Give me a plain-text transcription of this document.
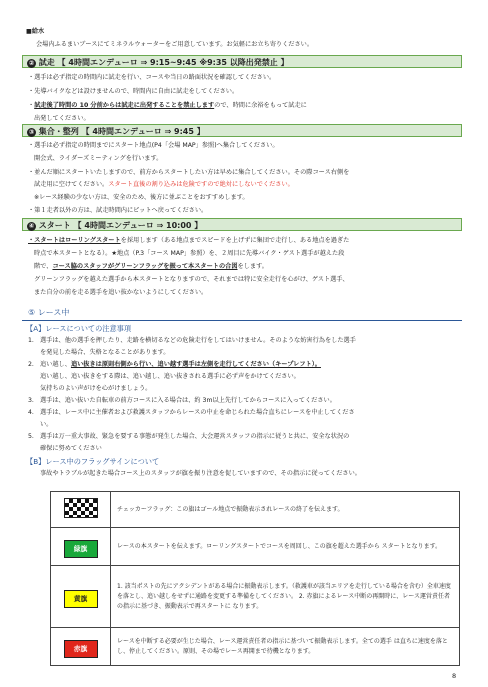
■給水
会場内ふるまいブースにてミネラルウォーターをご用意しています。お気軽にお立ち寄りください。
② 試走 【 4時間エンデューロ ⇒ 9:15~9:45 ※9:35 以降出発禁止 】
・選手は必ず指定の時間内に試走を行い、コースや当日の路面状況を確認してください。
・先導バイクなどは設けませんので、時間内に自由に試走をしてください。
・試走後了時間の 10 分前からは試走に出発することを禁止しますので、時間に余裕をもって試走に
出発してください。
③ 集合・整列 【 4時間エンデューロ ⇒ 9:45 】
・選手は必ず指定の時間までにスタート地点(P4「会場 MAP」参照)へ集合してください。
開会式、ライダーズミーティングを行います。
・並んだ順にスタートいたしますので、前方からスタートしたい方は早めに集合してください。その際コース右側を
試走用に空けてください。スタート直後の割り込みは危険ですので絶対にしないでください。
※レース経験の少ない方は、安全のため、後方に並ぶことをおすすめします。
・第１走者以外の方は、試走時間内にピットへ戻ってください。
④ スタート 【 4時間エンデューロ ⇒ 10:00 】
・スタートはローリングスタートを採用します（ある地点までスピードを上げずに集団で走行し、ある地点を過ぎた
時点で本スタートとなる）。★地点（P.3「コース MAP」参照）を、２周目に先導バイク・ゲスト選手が越えた段
階で、コース脇のスタッフがグリーンフラッグを振って本スタートの合図をします。
グリーンフラッグを越えた選手から本スタートとなりますので、それまでは特に安全走行を心がけ、ゲスト選手、
また自分の前を走る選手を追い抜かないようにしてください。
⑤ レース中
【A】レースについての注意事項
1. 選手は、他の選手を押したり、走路を横切るなどの危険走行をしてはいけません。そのような妨害行為をした選手
を発見した場合、失格となることがあります。
2. 追い越し、追い抜きは原則右側から行い、追い越す選手は左側を走行してください（キープレフト）。
追い越し、追い抜きをする際は、追い越し、追い抜きされる選手に必ず声をかけてください。
気持ちのよい声がけを心がけましょう。
3. 選手は、追い抜いた自転車の前方コースに入る場合は、約 3m以上先行してからコースに入ってください。
4. 選手は、レース中に主催者および救護スタッフからレースの中止を命じられた場合直ちにレースを中止してくださ
い。
5. 選手は万一重大事故、緊急を要する事態が発生した場合、大会運営スタッフの指示に従うと共に、安全な状況の
確保に努めてください
【B】レース中のフラッグサインについて
事故やトラブルが起きた場合コース上のスタッフが旗を振り注意を促していますので、その指示に従ってください。
	チェッカーフラッグ：この旗はゴール地点で振動表示されレースの終了を伝えます。
緑旗	レースの本スタートを伝えます。ローリングスタートでコースを周回し、この旗を超えた選手から スタートとなります。
黄旗	1. 該当ポストの先にアクシデントがある場合に振動表示します。（救護車が該当エリアを走行している場合を含む）全車速度を落とし、追い越しをせずに通路を変更する準備をしてください。 2. 赤旗によるレース中断の再開時に、レース運営責任者の指示に基づき、振動表示で再スタートに なります。
赤旗	レースを中断する必要が生じた場合、レース運営責任者の指示に基づいて振動表示します。全ての選手 は直ちに速度を落とし、停止してください。原則、その場でレース再開まで待機となります。
8
